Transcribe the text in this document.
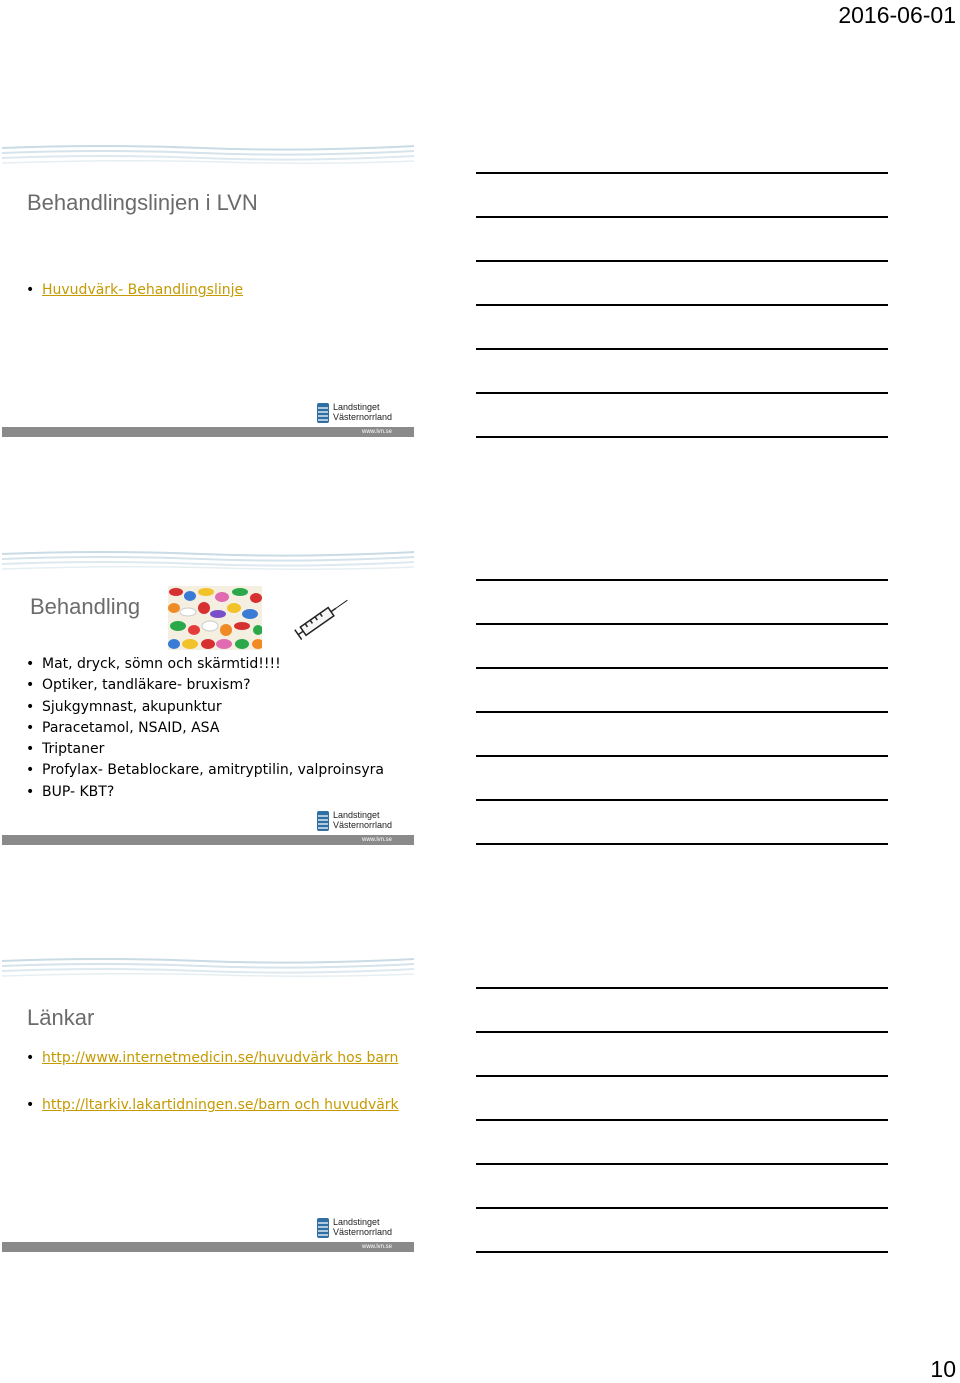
2016-06-01
Behandlingslinjen i LVN
• Huvudvärk- Behandlingslinje
Landstinget
Västernorrland
www.lvn.se
Behandling
• Mat, dryck, sömn och skärmtid!!!!
• Optiker, tandläkare- bruxism?
• Sjukgymnast, akupunktur
• Paracetamol, NSAID, ASA
• Triptaner
• Profylax- Betablockare, amitryptilin, valproinsyra
• BUP- KBT?
Landstinget
Västernorrland
www.lvn.se
Länkar
• http://www.internetmedicin.se/huvudvärk hos barn
• http://ltarkiv.lakartidningen.se/barn och huvudvärk
Landstinget
Västernorrland
www.lvn.se
10
